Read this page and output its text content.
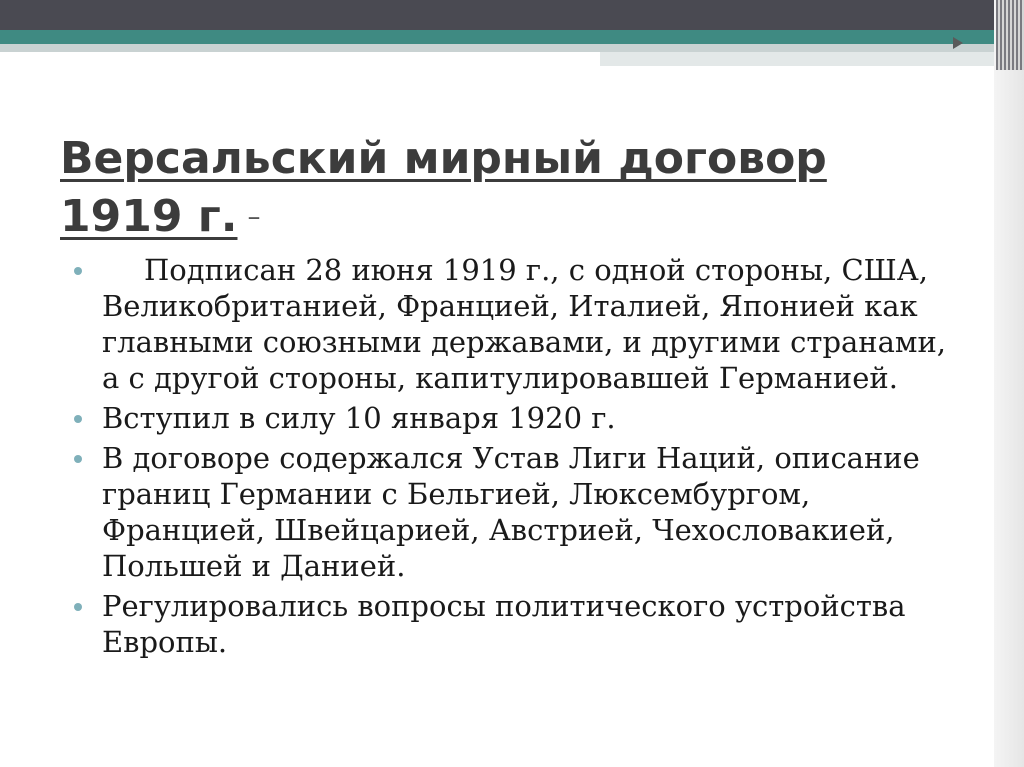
Версальский мирный договор 1919 г. –
Подписан 28 июня 1919 г., с одной стороны, США, Великобританией, Францией, Италией, Японией как главными союзными державами, и другими странами, а с другой стороны, капитулировавшей Германией.
Вступил в силу 10 января 1920 г.
В договоре содержался Устав Лиги Наций, описание границ Германии с Бельгией, Люксембургом, Францией, Швейцарией, Австрией, Чехословакией, Польшей и Данией.
Регулировались вопросы политического устройства Европы.
